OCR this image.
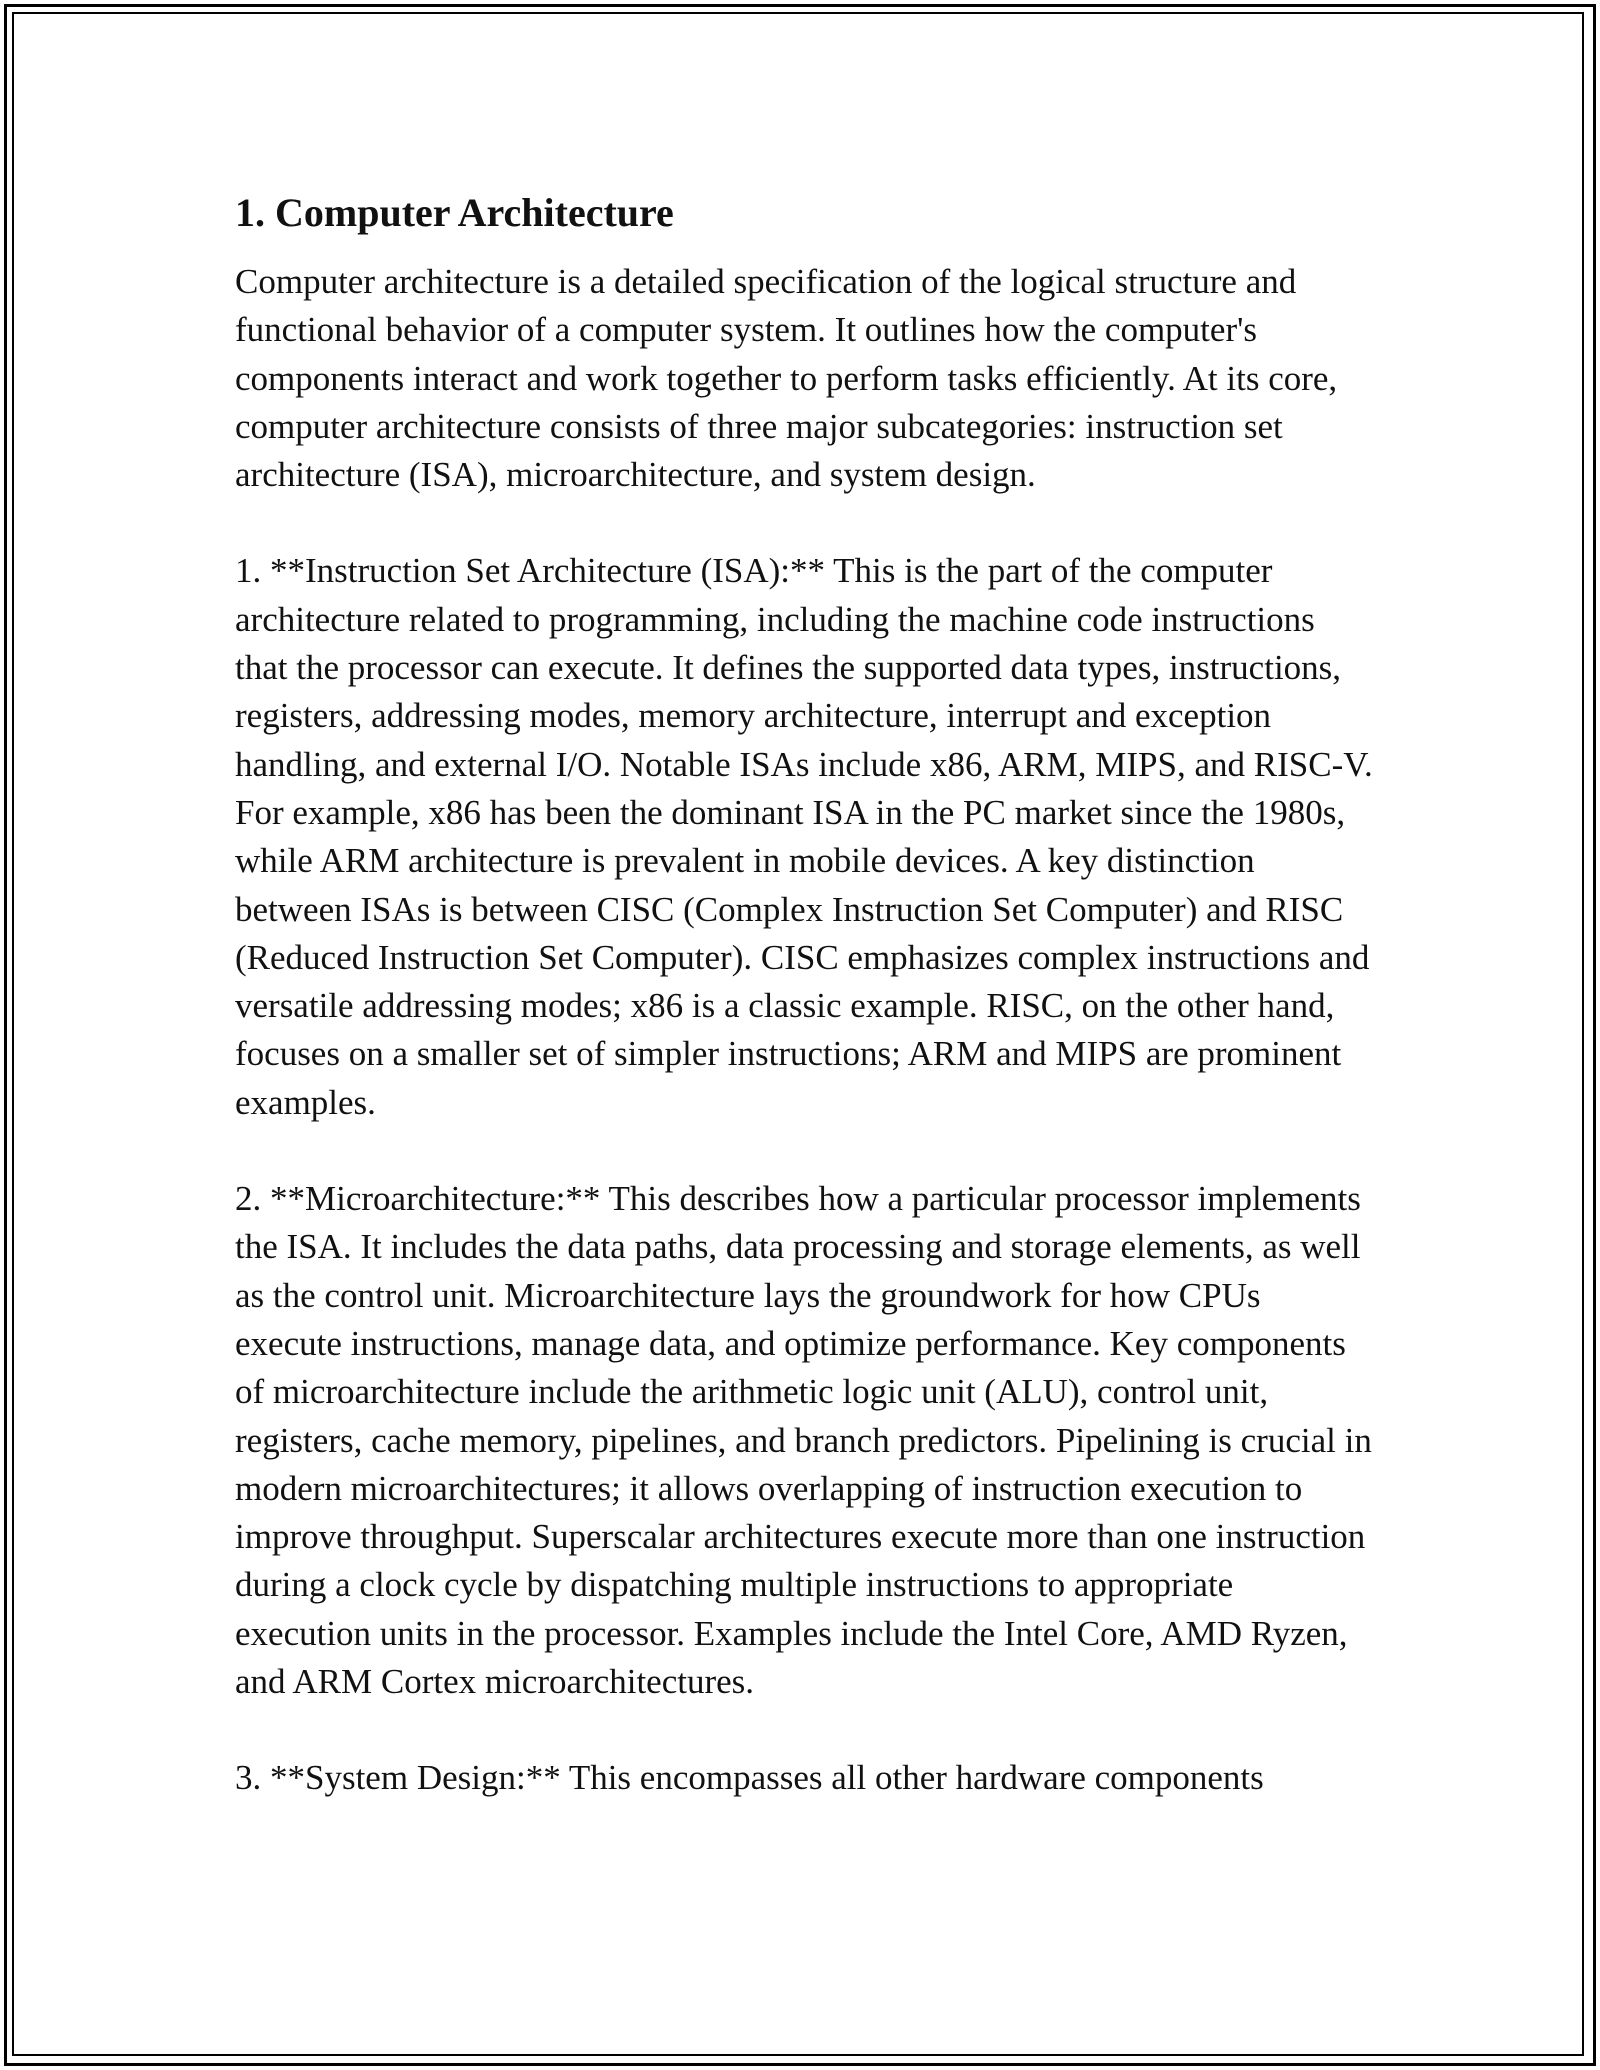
1. Computer Architecture

Computer architecture is a detailed specification of the logical structure and functional behavior of a computer system. It outlines how the computer's components interact and work together to perform tasks efficiently. At its core, computer architecture consists of three major subcategories: instruction set architecture (ISA), microarchitecture, and system design.

1. **Instruction Set Architecture (ISA):** This is the part of the computer architecture related to programming, including the machine code instructions that the processor can execute. It defines the supported data types, instructions, registers, addressing modes, memory architecture, interrupt and exception handling, and external I/O. Notable ISAs include x86, ARM, MIPS, and RISC-V. For example, x86 has been the dominant ISA in the PC market since the 1980s, while ARM architecture is prevalent in mobile devices. A key distinction between ISAs is between CISC (Complex Instruction Set Computer) and RISC (Reduced Instruction Set Computer). CISC emphasizes complex instructions and versatile addressing modes; x86 is a classic example. RISC, on the other hand, focuses on a smaller set of simpler instructions; ARM and MIPS are prominent examples.

2. **Microarchitecture:** This describes how a particular processor implements the ISA. It includes the data paths, data processing and storage elements, as well as the control unit. Microarchitecture lays the groundwork for how CPUs execute instructions, manage data, and optimize performance. Key components of microarchitecture include the arithmetic logic unit (ALU), control unit, registers, cache memory, pipelines, and branch predictors. Pipelining is crucial in modern microarchitectures; it allows overlapping of instruction execution to improve throughput. Superscalar architectures execute more than one instruction during a clock cycle by dispatching multiple instructions to appropriate execution units in the processor. Examples include the Intel Core, AMD Ryzen, and ARM Cortex microarchitectures.

3. **System Design:** This encompasses all other hardware components
